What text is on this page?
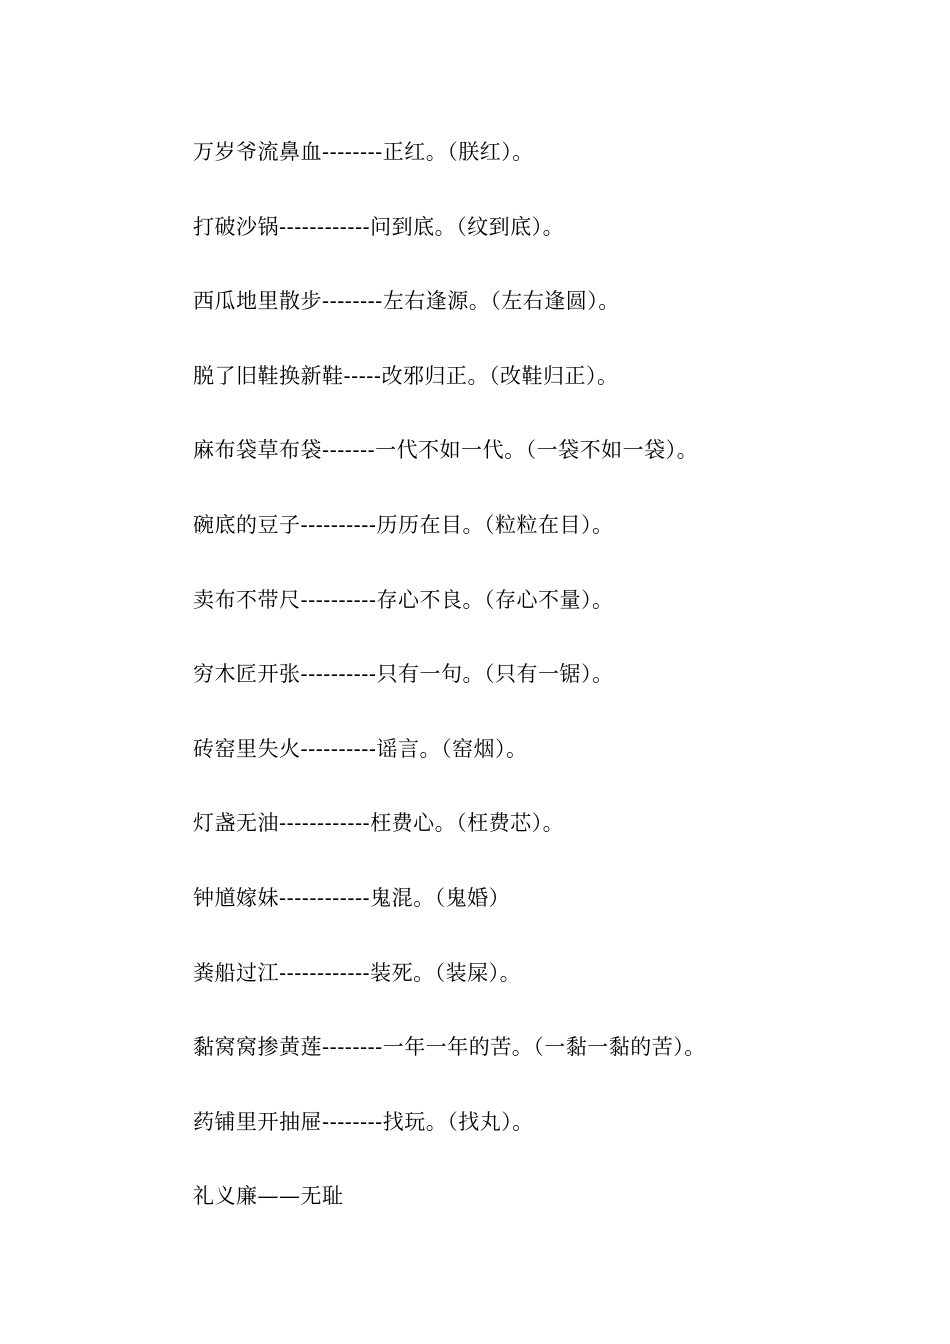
万岁爷流鼻血--------正红。（朕红）。
打破沙锅------------问到底。（纹到底）。
西瓜地里散步--------左右逢源。（左右逢圆）。
脱了旧鞋换新鞋-----改邪归正。（改鞋归正）。
麻布袋草布袋-------一代不如一代。（一袋不如一袋）。
碗底的豆子----------历历在目。（粒粒在目）。
卖布不带尺----------存心不良。（存心不量）。
穷木匠开张----------只有一句。（只有一锯）。
砖窑里失火----------谣言。（窑烟）。
灯盏无油------------枉费心。（枉费芯）。
钟馗嫁妹------------鬼混。（鬼婚）
粪船过江------------装死。（装屎）。
黏窝窝掺黄莲--------一年一年的苦。（一黏一黏的苦）。
药铺里开抽屉--------找玩。（找丸）。
礼义廉——无耻
